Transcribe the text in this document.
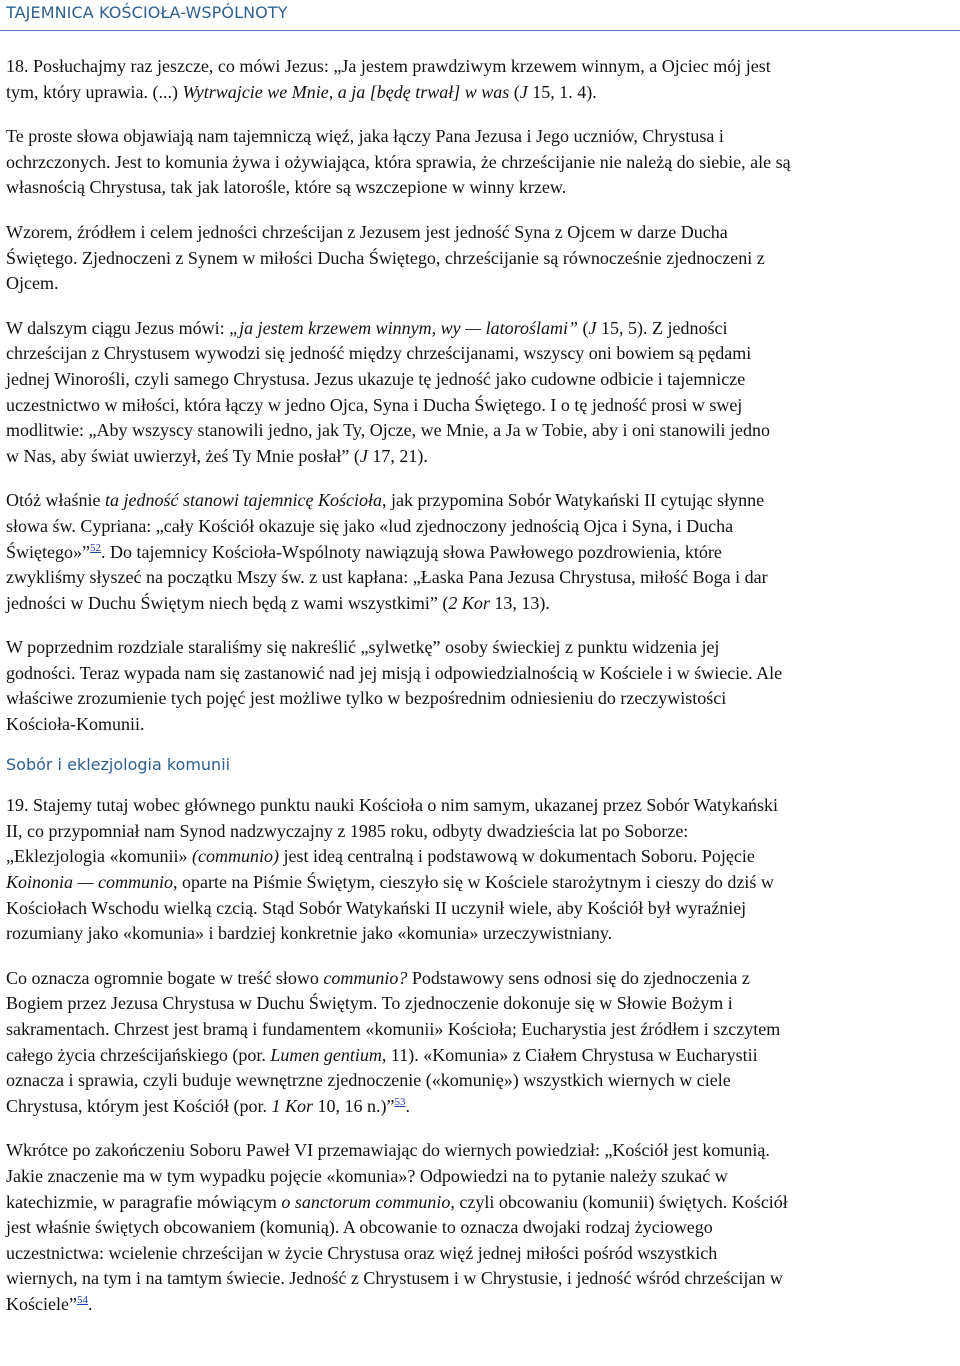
TAJEMNICA KOŚCIOŁA-WSPÓLNOTY

18. Posłuchajmy raz jeszcze, co mówi Jezus: „Ja jestem prawdziwym krzewem winnym, a Ojciec mój jest
tym, który uprawia. (...) Wytrwajcie we Mnie, a ja [będę trwał] w was (J 15, 1. 4).

Te proste słowa objawiają nam tajemniczą więź, jaka łączy Pana Jezusa i Jego uczniów, Chrystusa i
ochrzczonych. Jest to komunia żywa i ożywiająca, która sprawia, że chrześcijanie nie należą do siebie, ale są
własnością Chrystusa, tak jak latorośle, które są wszczepione w winny krzew.

Wzorem, źródłem i celem jedności chrześcijan z Jezusem jest jedność Syna z Ojcem w darze Ducha
Świętego. Zjednoczeni z Synem w miłości Ducha Świętego, chrześcijanie są równocześnie zjednoczeni z
Ojcem.

W dalszym ciągu Jezus mówi: „ja jestem krzewem winnym, wy — latoroślami” (J 15, 5). Z jedności
chrześcijan z Chrystusem wywodzi się jedność między chrześcijanami, wszyscy oni bowiem są pędami
jednej Winorośli, czyli samego Chrystusa. Jezus ukazuje tę jedność jako cudowne odbicie i tajemnicze
uczestnictwo w miłości, która łączy w jedno Ojca, Syna i Ducha Świętego. I o tę jedność prosi w swej
modlitwie: „Aby wszyscy stanowili jedno, jak Ty, Ojcze, we Mnie, a Ja w Tobie, aby i oni stanowili jedno
w Nas, aby świat uwierzył, żeś Ty Mnie posłał” (J 17, 21).

Otóż właśnie ta jedność stanowi tajemnicę Kościoła, jak przypomina Sobór Watykański II cytując słynne
słowa św. Cypriana: „cały Kościół okazuje się jako «lud zjednoczony jednością Ojca i Syna, i Ducha
Świętego»”$^{52}$. Do tajemnicy Kościoła-Wspólnoty nawiązują słowa Pawłowego pozdrowienia, które
zwykliśmy słyszeć na początku Mszy św. z ust kapłana: „Łaska Pana Jezusa Chrystusa, miłość Boga i dar
jedności w Duchu Świętym niech będą z wami wszystkimi” (2 Kor 13, 13).

W poprzednim rozdziale staraliśmy się nakreślić „sylwetkę” osoby świeckiej z punktu widzenia jej
godności. Teraz wypada nam się zastanowić nad jej misją i odpowiedzialnością w Kościele i w świecie. Ale
właściwe zrozumienie tych pojęć jest możliwe tylko w bezpośrednim odniesieniu do rzeczywistości
Kościoła-Komunii.

Sobór i eklezjologia komunii

19. Stajemy tutaj wobec głównego punktu nauki Kościoła o nim samym, ukazanej przez Sobór Watykański
II, co przypomniał nam Synod nadzwyczajny z 1985 roku, odbyty dwadzieścia lat po Soborze:
„Eklezjologia «komunii» (communio) jest ideą centralną i podstawową w dokumentach Soboru. Pojęcie
Koinonia — communio, oparte na Piśmie Świętym, cieszyło się w Kościele starożytnym i cieszy do dziś w
Kościołach Wschodu wielką czcią. Stąd Sobór Watykański II uczynił wiele, aby Kościół był wyraźniej
rozumiany jako «komunia» i bardziej konkretnie jako «komunia» urzeczywistniany.

Co oznacza ogromnie bogate w treść słowo communio? Podstawowy sens odnosi się do zjednoczenia z
Bogiem przez Jezusa Chrystusa w Duchu Świętym. To zjednoczenie dokonuje się w Słowie Bożym i
sakramentach. Chrzest jest bramą i fundamentem «komunii» Kościoła; Eucharystia jest źródłem i szczytem
całego życia chrześcijańskiego (por. Lumen gentium, 11). «Komunia» z Ciałem Chrystusa w Eucharystii
oznacza i sprawia, czyli buduje wewnętrzne zjednoczenie («komunię») wszystkich wiernych w ciele
Chrystusa, którym jest Kościół (por. 1 Kor 10, 16 n.)”$^{53}$.

Wkrótce po zakończeniu Soboru Paweł VI przemawiając do wiernych powiedział: „Kościół jest komunią.
Jakie znaczenie ma w tym wypadku pojęcie «komunia»? Odpowiedzi na to pytanie należy szukać w
katechizmie, w paragrafie mówiącym o sanctorum communio, czyli obcowaniu (komunii) świętych. Kościół
jest właśnie świętych obcowaniem (komunią). A obcowanie to oznacza dwojaki rodzaj życiowego
uczestnictwa: wcielenie chrześcijan w życie Chrystusa oraz więź jednej miłości pośród wszystkich
wiernych, na tym i na tamtym świecie. Jedność z Chrystusem i w Chrystusie, i jedność wśród chrześcijan w
Kościele”$^{54}$.
